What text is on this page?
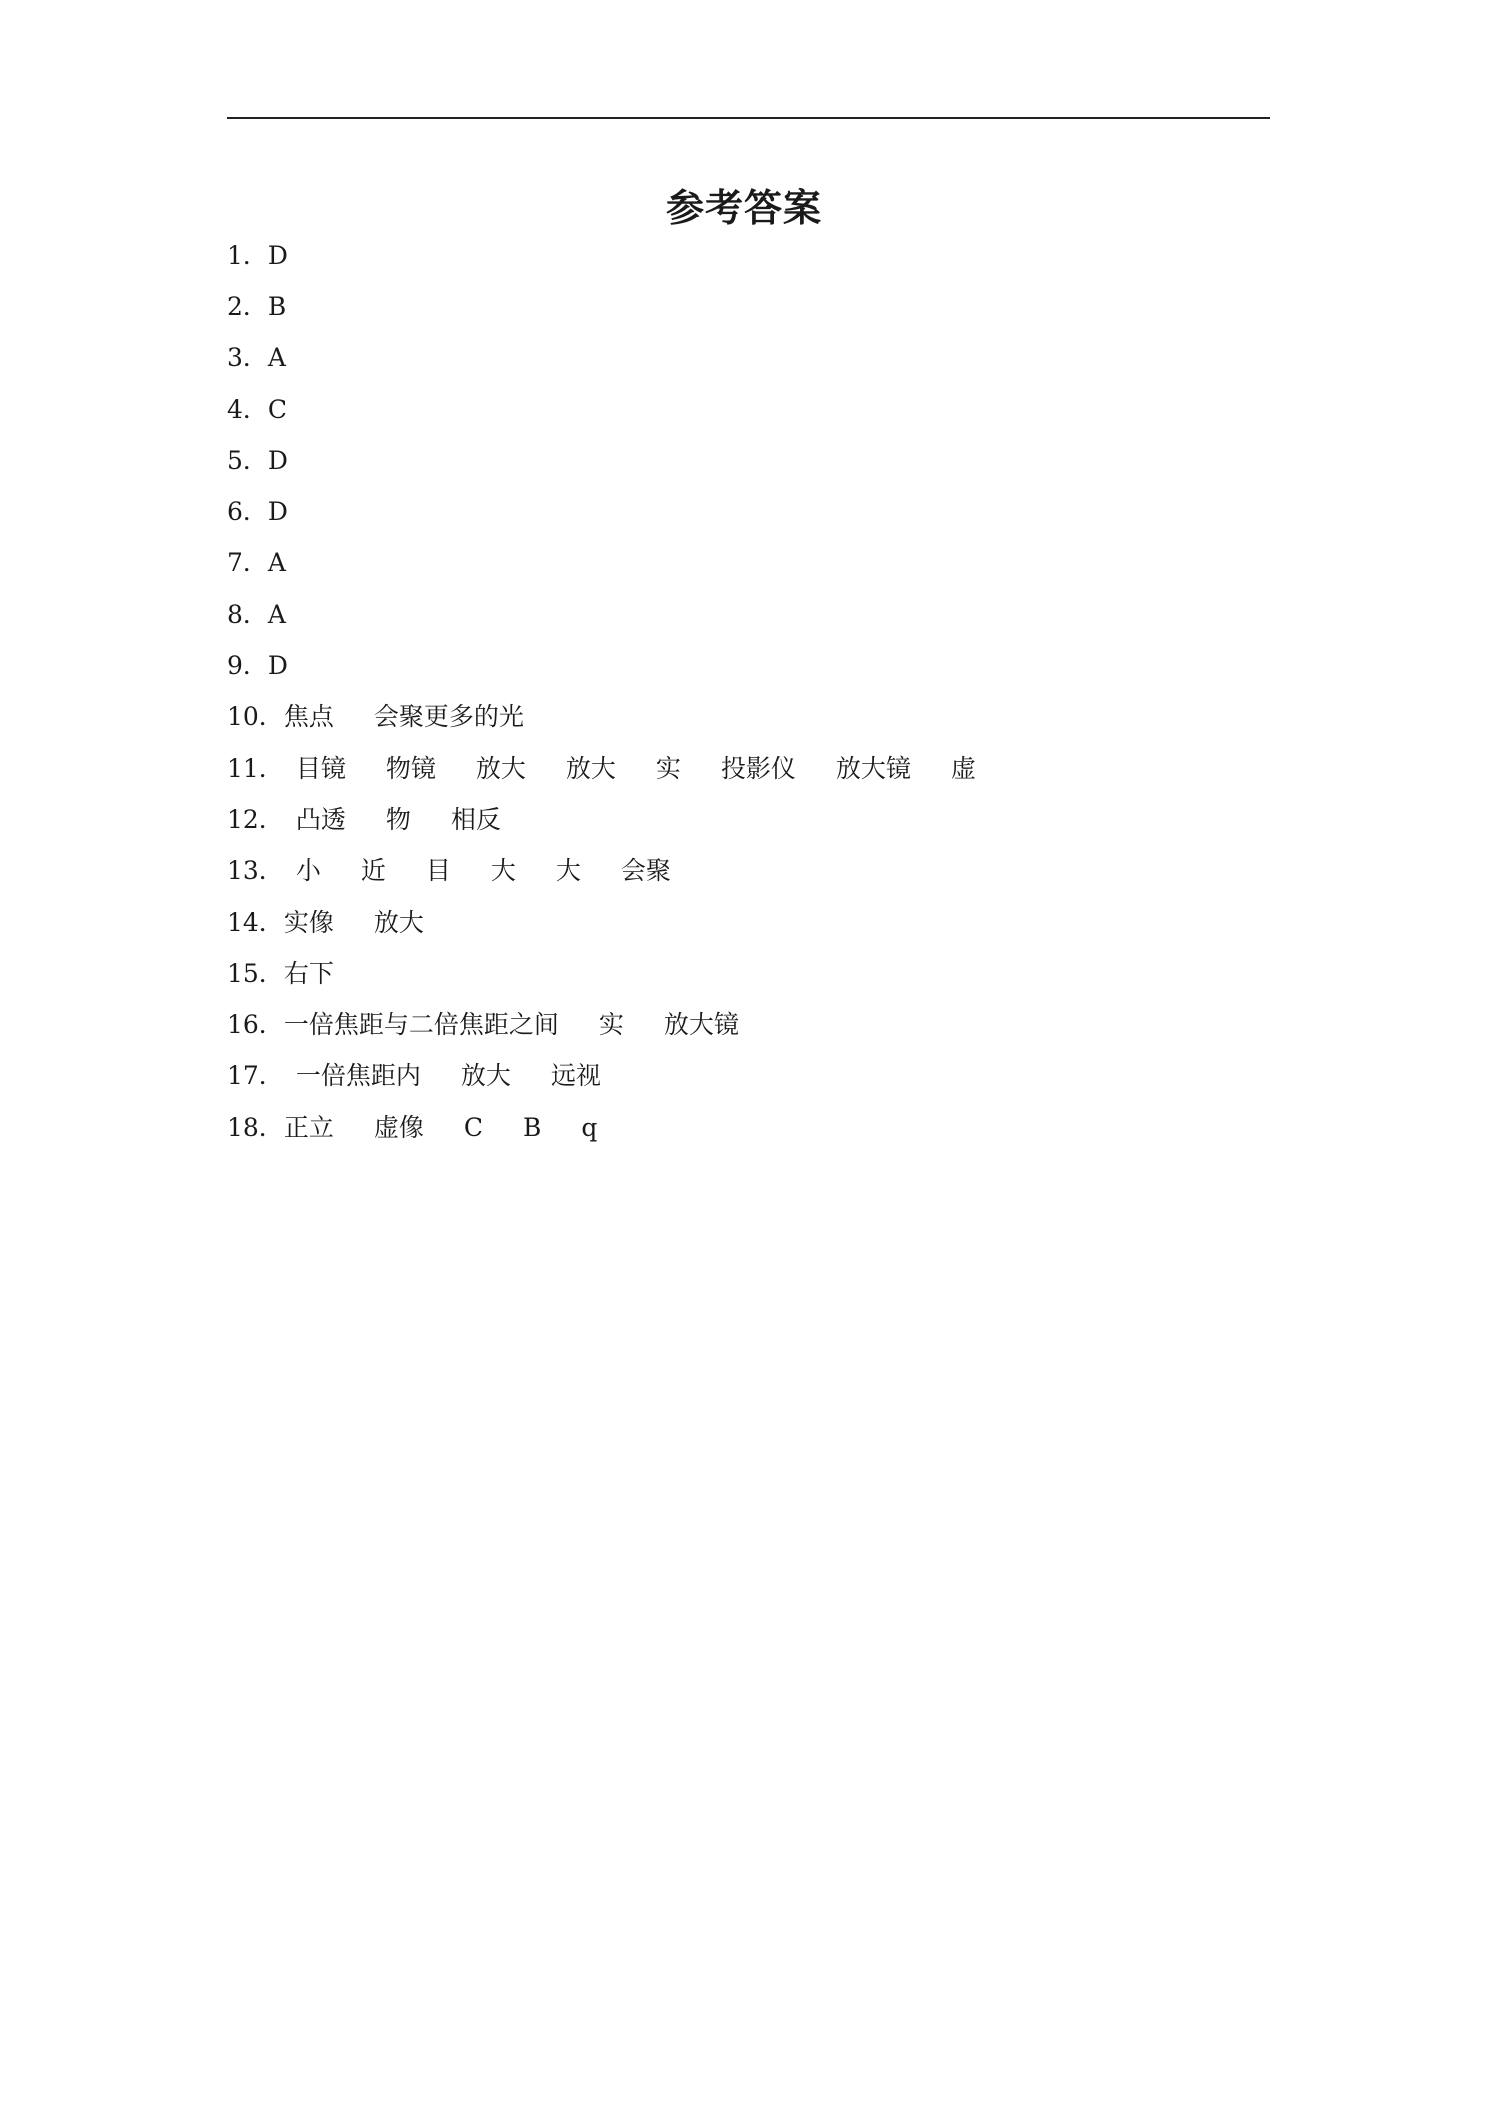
参考答案
1． D
2． B
3． A
4． C
5． D
6． D
7． A
8． A
9． D
10． 焦点 会聚更多的光
11． 目镜 物镜 放大 放大 实 投影仪 放大镜 虚
12． 凸透 物 相反
13． 小 近 目 大 大 会聚
14． 实像 放大
15． 右下
16． 一倍焦距与二倍焦距之间 实 放大镜
17． 一倍焦距内 放大 远视
18． 正立 虚像 C B q
